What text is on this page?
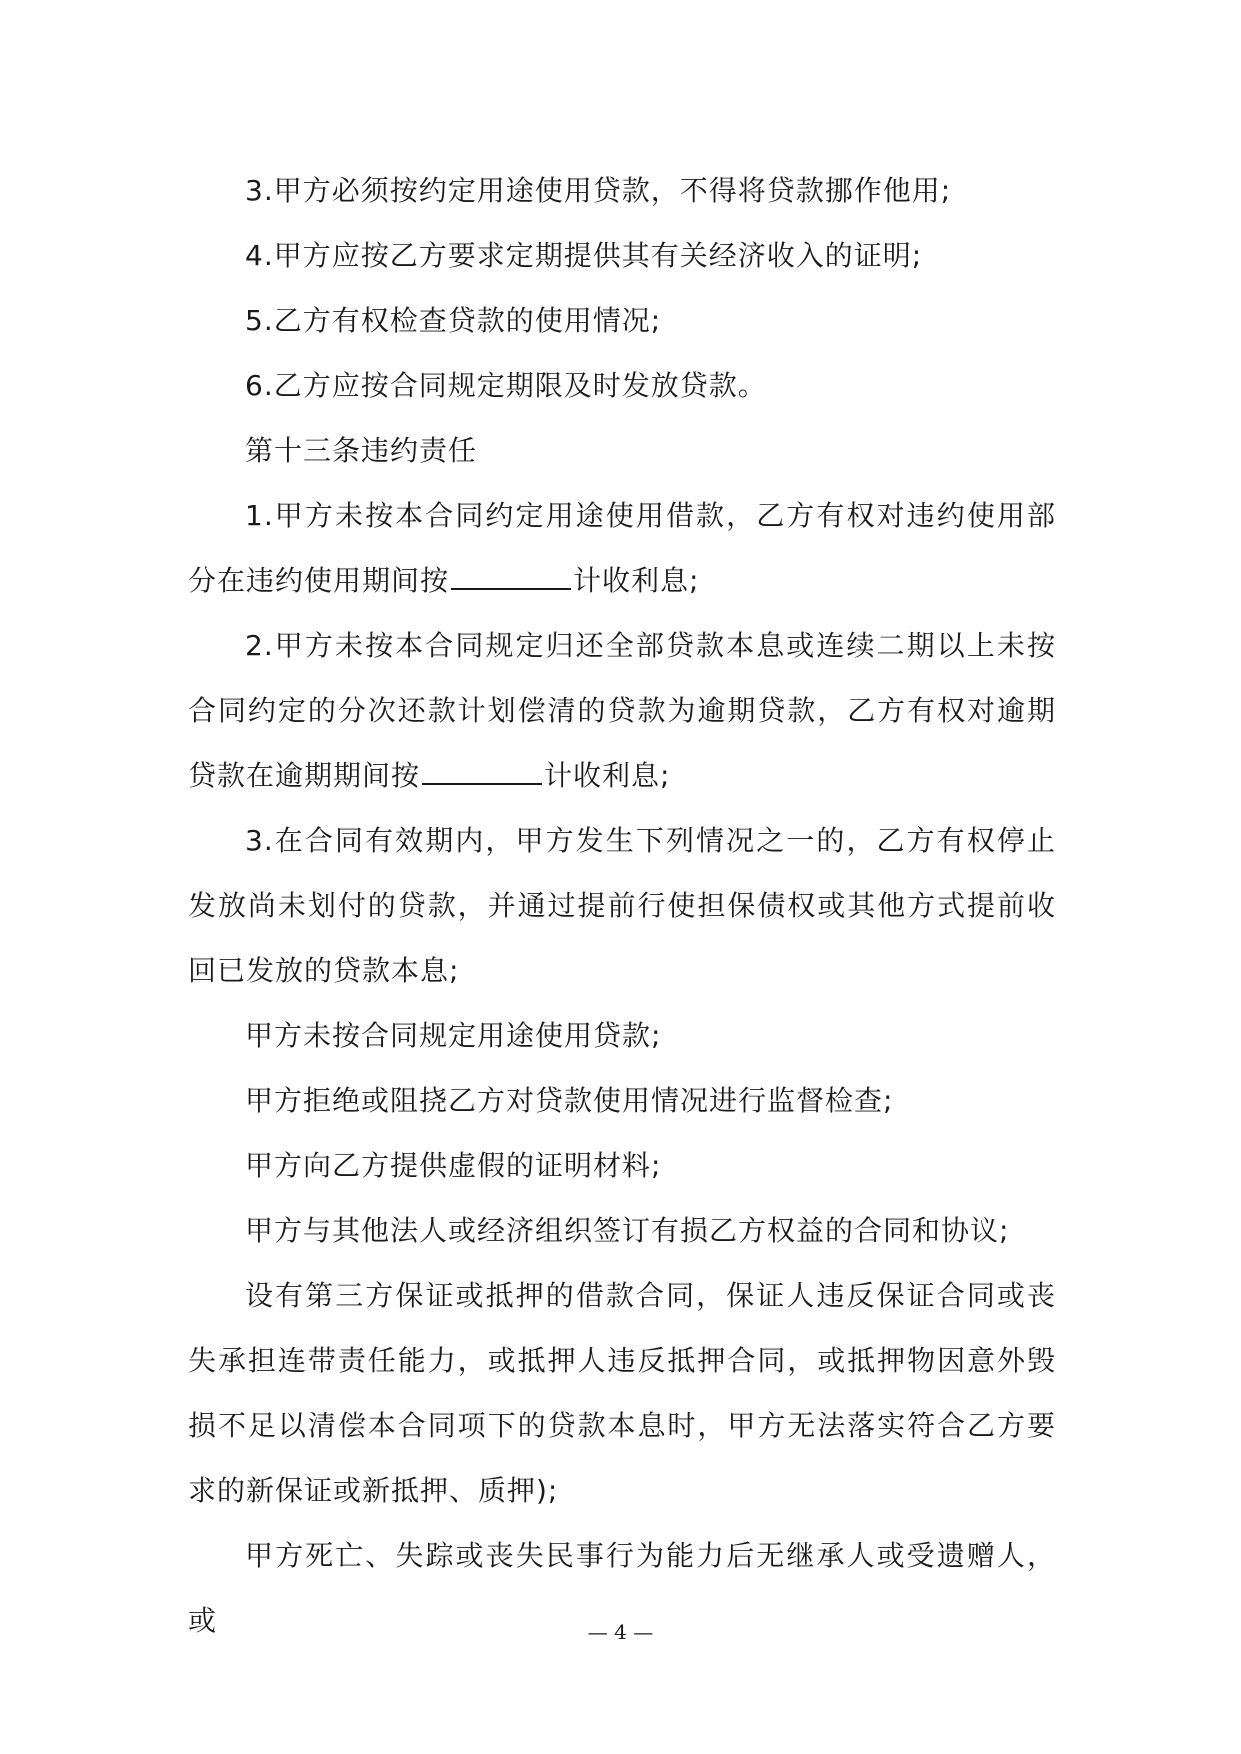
3.甲方必须按约定用途使用贷款，不得将贷款挪作他用;

4.甲方应按乙方要求定期提供其有关经济收入的证明;

5.乙方有权检查贷款的使用情况;

6.乙方应按合同规定期限及时发放贷款。

第十三条违约责任

1.甲方未按本合同约定用途使用借款，乙方有权对违约使用部分在违约使用期间按	计收利息;

2.甲方未按本合同规定归还全部贷款本息或连续二期以上未按合同约定的分次还款计划偿清的贷款为逾期贷款，乙方有权对逾期贷款在逾期期间按	计收利息;

3.在合同有效期内，甲方发生下列情况之一的，乙方有权停止发放尚未划付的贷款，并通过提前行使担保债权或其他方式提前收回已发放的贷款本息;

甲方未按合同规定用途使用贷款;

甲方拒绝或阻挠乙方对贷款使用情况进行监督检查;

甲方向乙方提供虚假的证明材料;

甲方与其他法人或经济组织签订有损乙方权益的合同和协议;

设有第三方保证或抵押的借款合同，保证人违反保证合同或丧失承担连带责任能力，或抵押人违反抵押合同，或抵押物因意外毁损不足以清偿本合同项下的贷款本息时，甲方无法落实符合乙方要求的新保证或新抵押、质押);

甲方死亡、失踪或丧失民事行为能力后无继承人或受遗赠人，或	— 4 —
